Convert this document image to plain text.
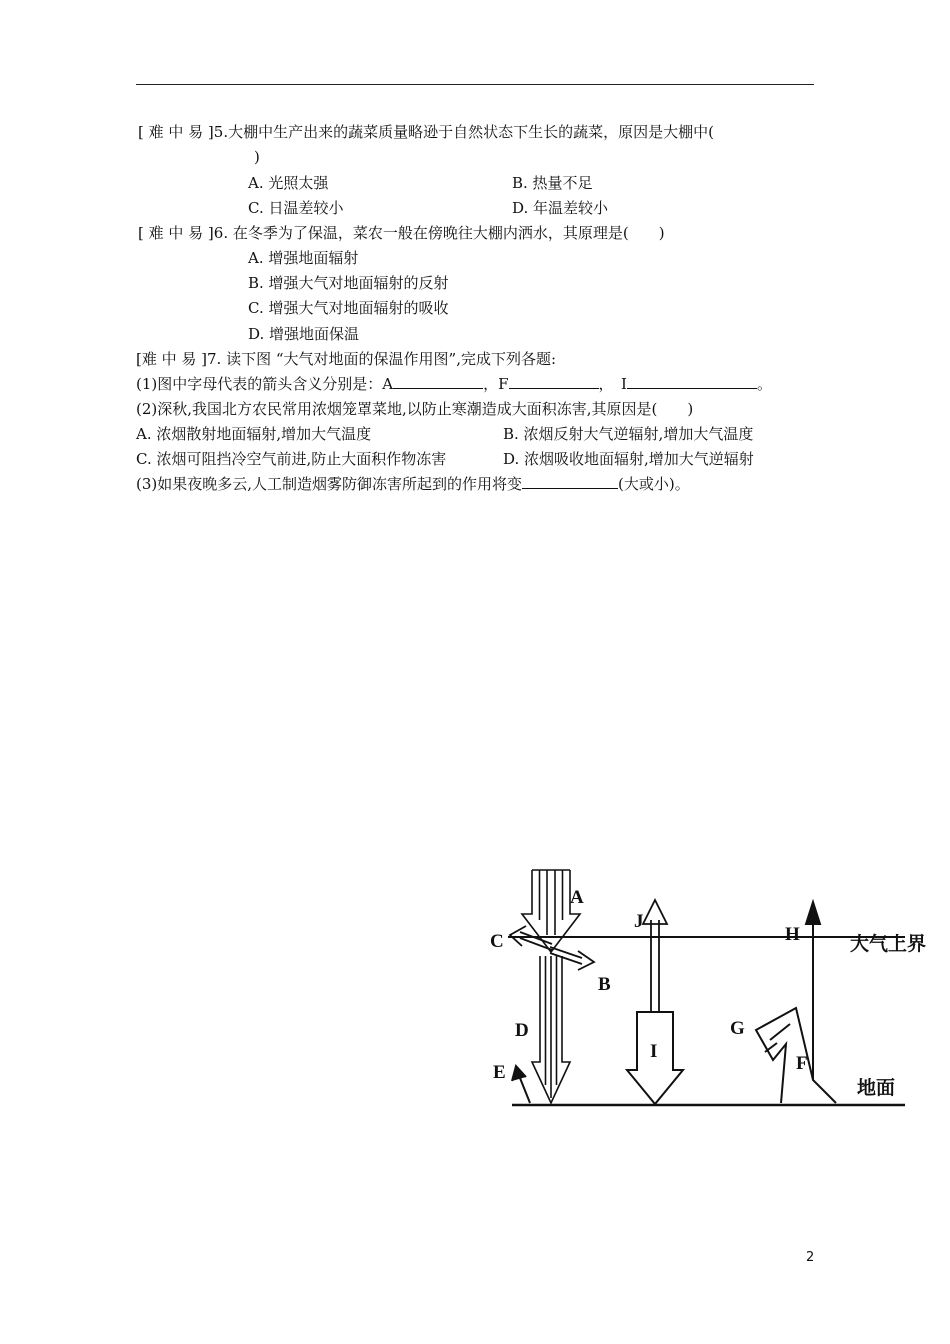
[ 难 中 易 ]5.大棚中生产出来的蔬菜质量略逊于自然状态下生长的蔬菜，原因是大棚中(
)
A. 光照太强	B. 热量不足
C. 日温差较小	D. 年温差较小
[ 难 中 易 ]6. 在冬季为了保温，菜农一般在傍晚往大棚内洒水，其原理是(　　)
A. 增强地面辐射
B. 增强大气对地面辐射的反射
C. 增强大气对地面辐射的吸收
D. 增强地面保温
[难 中 易 ]7. 读下图 “大气对地面的保温作用图”,完成下列各题:
(1)图中字母代表的箭头含义分别是：A	，F	，　I	。
(2)深秋,我国北方农民常用浓烟笼罩菜地,以防止寒潮造成大面积冻害,其原因是(　　)
A. 浓烟散射地面辐射,增加大气温度	B. 浓烟反射大气逆辐射,增加大气温度
C. 浓烟可阻挡冷空气前进,防止大面积作物冻害	D. 浓烟吸收地面辐射,增加大气逆辐射
(3)如果夜晚多云,人工制造烟雾防御冻害所起到的作用将变	(大或小)。
A
B
C
D
E	F
G
H
I
J
大气上界
地面
2
